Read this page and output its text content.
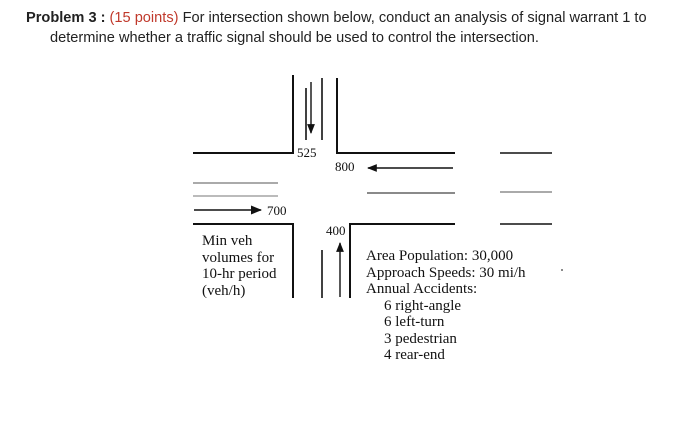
Problem 3 : (15 points) For intersection shown below, conduct an analysis of signal warrant 1 to
determine whether a traffic signal should be used to control the intersection.
525
800
700
400
Min veh
volumes for
10-hr period
(veh/h)
Area Population: 30,000
Approach Speeds: 30 mi/h
Annual Accidents:
6 right-angle
6 left-turn
3 pedestrian
4 rear-end
